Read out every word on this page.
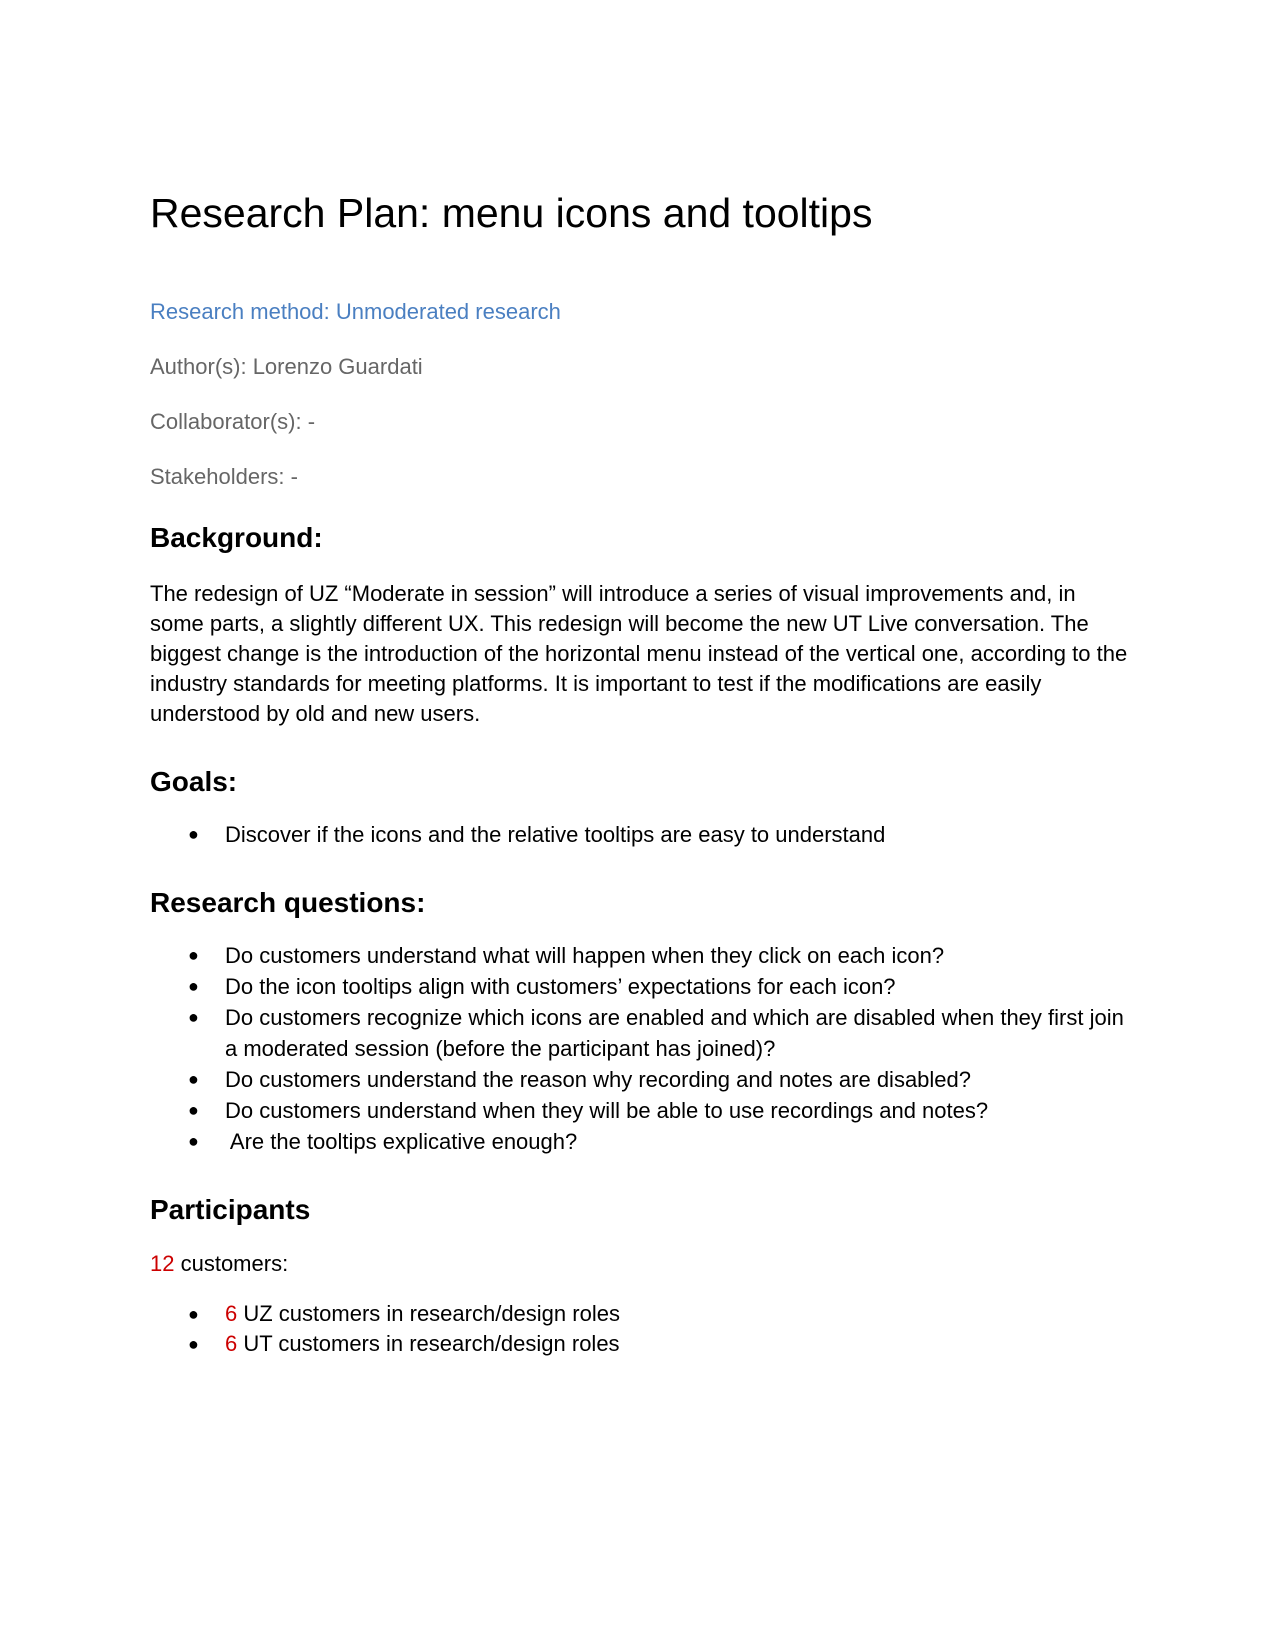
Research Plan: menu icons and tooltips

Research method: Unmoderated research

Author(s): Lorenzo Guardati

Collaborator(s): -

Stakeholders: -

Background:

The redesign of UZ “Moderate in session” will introduce a series of visual improvements and, in some parts, a slightly different UX. This redesign will become the new UT Live conversation. The biggest change is the introduction of the horizontal menu instead of the vertical one, according to the industry standards for meeting platforms. It is important to test if the modifications are easily understood by old and new users.

Goals:
● Discover if the icons and the relative tooltips are easy to understand
Research questions:
● Do customers understand what will happen when they click on each icon?
● Do the icon tooltips align with customers’ expectations for each icon?
● Do customers recognize which icons are enabled and which are disabled when they first join a moderated session (before the participant has joined)?
● Do customers understand the reason why recording and notes are disabled?
● Do customers understand when they will be able to use recordings and notes?
● Are the tooltips explicative enough?
Participants

12 customers:

● 6 UZ customers in research/design roles
● 6 UT customers in research/design roles
